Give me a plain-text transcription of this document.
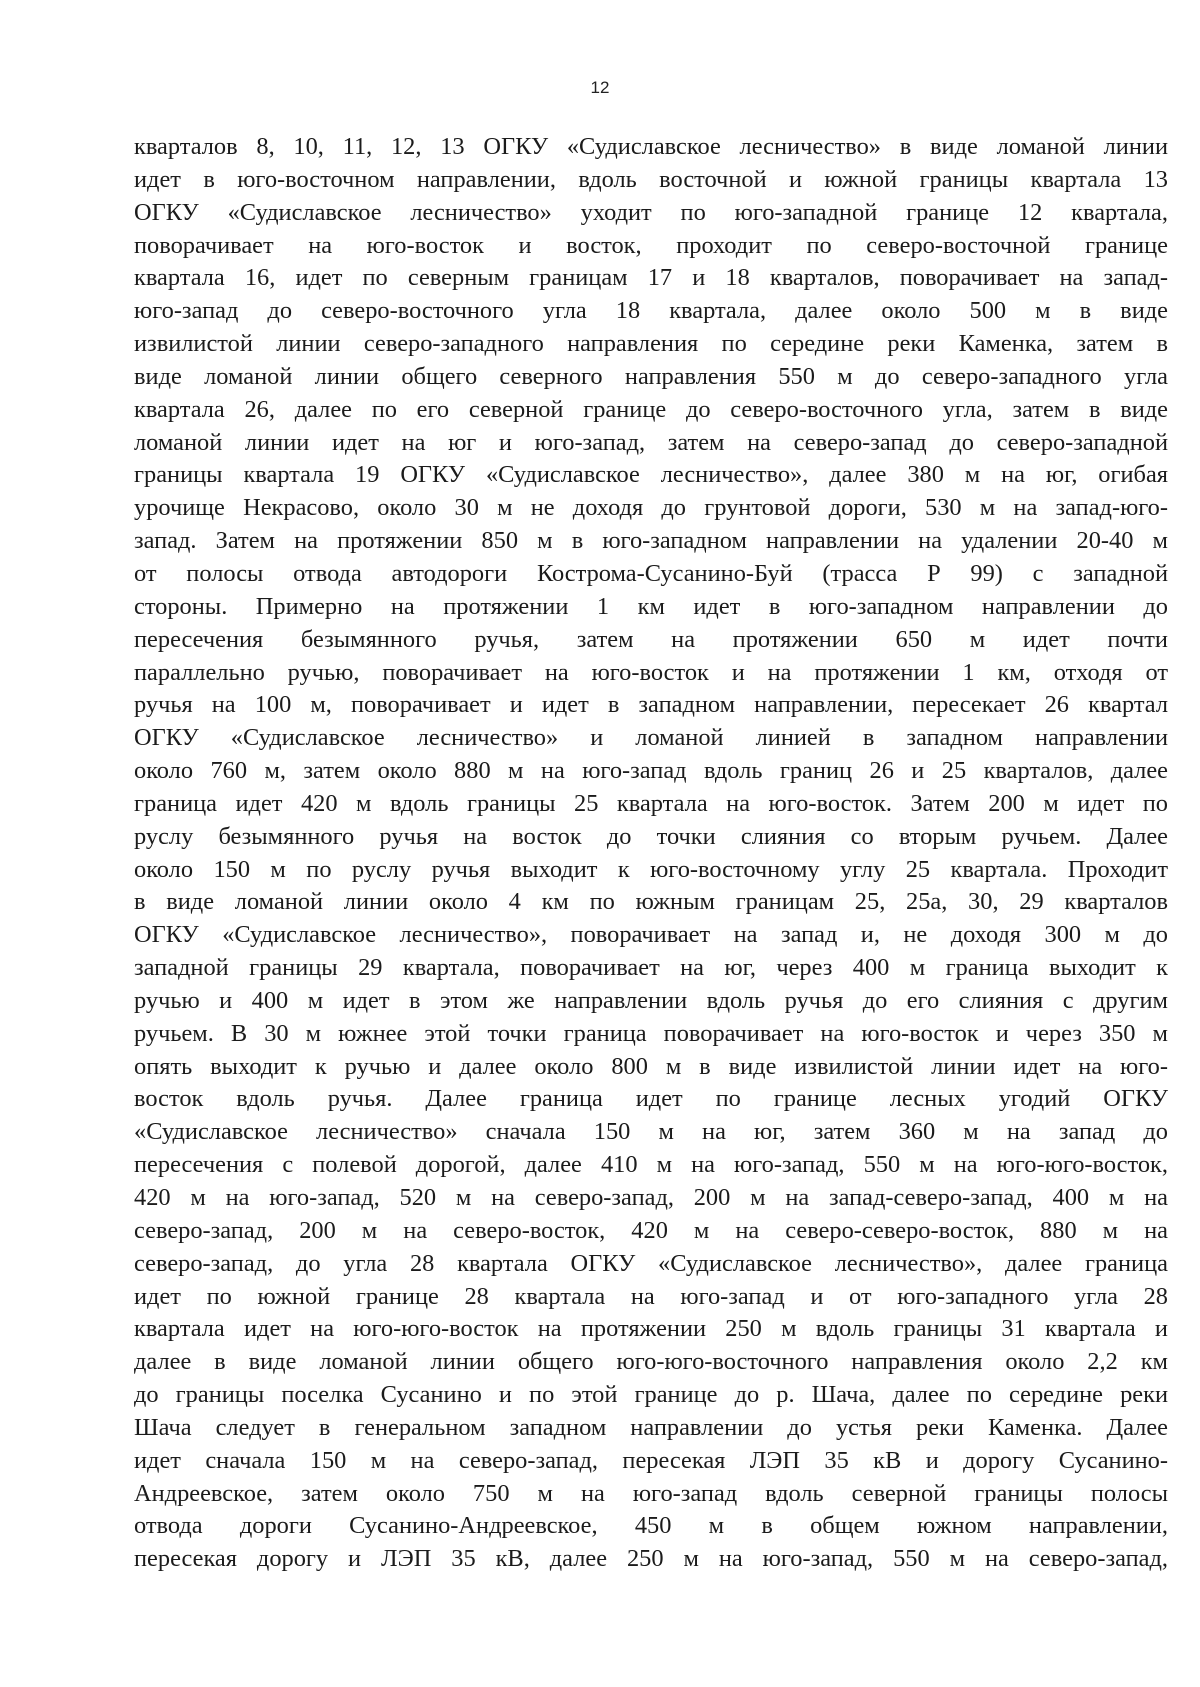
12
кварталов 8, 10, 11, 12, 13 ОГКУ «Судиславское лесничество» в виде ломаной линии
идет в юго-восточном направлении, вдоль восточной и южной границы квартала 13
ОГКУ «Судиславское лесничество» уходит по юго-западной границе 12 квартала,
поворачивает на юго-восток и восток, проходит по северо-восточной границе
квартала 16, идет по северным границам 17 и 18 кварталов, поворачивает на запад-
юго-запад до северо-восточного угла 18 квартала, далее около 500 м в виде
извилистой линии северо-западного направления по середине реки Каменка, затем в
виде ломаной линии общего северного направления 550 м до северо-западного угла
квартала 26, далее по его северной границе до северо-восточного угла, затем в виде
ломаной линии идет на юг и юго-запад, затем на северо-запад до северо-западной
границы квартала 19 ОГКУ «Судиславское лесничество», далее 380 м на юг, огибая
урочище Некрасово, около 30 м не доходя до грунтовой дороги, 530 м на запад-юго-
запад. Затем на протяжении 850 м в юго-западном направлении на удалении 20-40 м
от полосы отвода автодороги Кострома-Сусанино-Буй (трасса Р 99) с западной
стороны. Примерно на протяжении 1 км идет в юго-западном направлении до
пересечения безымянного ручья, затем на протяжении 650 м идет почти
параллельно ручью, поворачивает на юго-восток и на протяжении 1 км, отходя от
ручья на 100 м, поворачивает и идет в западном направлении, пересекает 26 квартал
ОГКУ «Судиславское лесничество» и ломаной линией в западном направлении
около 760 м, затем около 880 м на юго-запад вдоль границ 26 и 25 кварталов, далее
граница идет 420 м вдоль границы 25 квартала на юго-восток. Затем 200 м идет по
руслу безымянного ручья на восток до точки слияния со вторым ручьем. Далее
около 150 м по руслу ручья выходит к юго-восточному углу 25 квартала. Проходит
в виде ломаной линии около 4 км по южным границам 25, 25а, 30, 29 кварталов
ОГКУ «Судиславское лесничество», поворачивает на запад и, не доходя 300 м до
западной границы 29 квартала, поворачивает на юг, через 400 м граница выходит к
ручью и 400 м идет в этом же направлении вдоль ручья до его слияния с другим
ручьем. В 30 м южнее этой точки граница поворачивает на юго-восток и через 350 м
опять выходит к ручью и далее около 800 м в виде извилистой линии идет на юго-
восток вдоль ручья. Далее граница идет по границе лесных угодий ОГКУ
«Судиславское лесничество» сначала 150 м на юг, затем 360 м на запад до
пересечения с полевой дорогой, далее 410 м на юго-запад, 550 м на юго-юго-восток,
420 м на юго-запад, 520 м на северо-запад, 200 м на запад-северо-запад, 400 м на
северо-запад, 200 м на северо-восток, 420 м на северо-северо-восток, 880 м на
северо-запад, до угла 28 квартала ОГКУ «Судиславское лесничество», далее граница
идет по южной границе 28 квартала на юго-запад и от юго-западного угла 28
квартала идет на юго-юго-восток на протяжении 250 м вдоль границы 31 квартала и
далее в виде ломаной линии общего юго-юго-восточного направления около 2,2 км
до границы поселка Сусанино и по этой границе до р. Шача, далее по середине реки
Шача следует в генеральном западном направлении до устья реки Каменка. Далее
идет сначала 150 м на северо-запад, пересекая ЛЭП 35 кВ и дорогу Сусанино-
Андреевское, затем около 750 м на юго-запад вдоль северной границы полосы
отвода дороги Сусанино-Андреевское, 450 м в общем южном направлении,
пересекая дорогу и ЛЭП 35 кВ, далее 250 м на юго-запад, 550 м на северо-запад,
